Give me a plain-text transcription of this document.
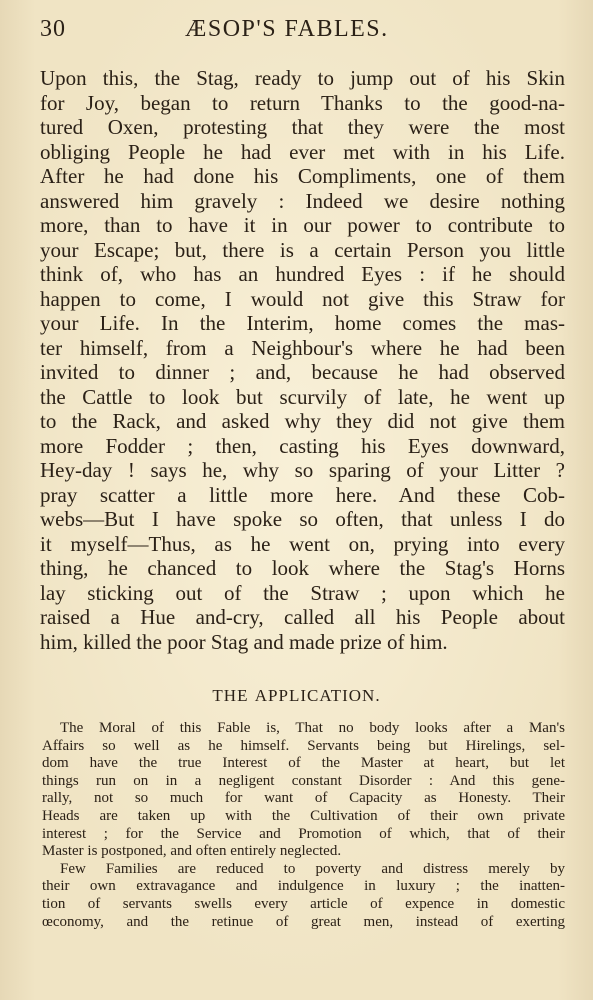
30	ÆSOP'S FABLES.
Upon this, the Stag, ready to jump out of his Skin
for Joy, began to return Thanks to the good-na-
tured Oxen, protesting that they were the most
obliging People he had ever met with in his Life.
After he had done his Compliments, one of them
answered him gravely : Indeed we desire nothing
more, than to have it in our power to contribute to
your Escape; but, there is a certain Person you little
think of, who has an hundred Eyes : if he should
happen to come, I would not give this Straw for
your Life. In the Interim, home comes the mas-
ter himself, from a Neighbour's where he had been
invited to dinner ; and, because he had observed
the Cattle to look but scurvily of late, he went up
to the Rack, and asked why they did not give them
more Fodder ; then, casting his Eyes downward,
Hey-day ! says he, why so sparing of your Litter ?
pray scatter a little more here. And these Cob-
webs—But I have spoke so often, that unless I do
it myself—Thus, as he went on, prying into every
thing, he chanced to look where the Stag's Horns
lay sticking out of the Straw ; upon which he
raised a Hue and-cry, called all his People about
him, killed the poor Stag and made prize of him.
THE APPLICATION.
The Moral of this Fable is, That no body looks after a Man's
Affairs so well as he himself. Servants being but Hirelings, sel-
dom have the true Interest of the Master at heart, but let
things run on in a negligent constant Disorder : And this gene-
rally, not so much for want of Capacity as Honesty. Their
Heads are taken up with the Cultivation of their own private
interest ; for the Service and Promotion of which, that of their
Master is postponed, and often entirely neglected.
Few Families are reduced to poverty and distress merely by
their own extravagance and indulgence in luxury ; the inatten-
tion of servants swells every article of expence in domestic
œconomy, and the retinue of great men, instead of exerting
